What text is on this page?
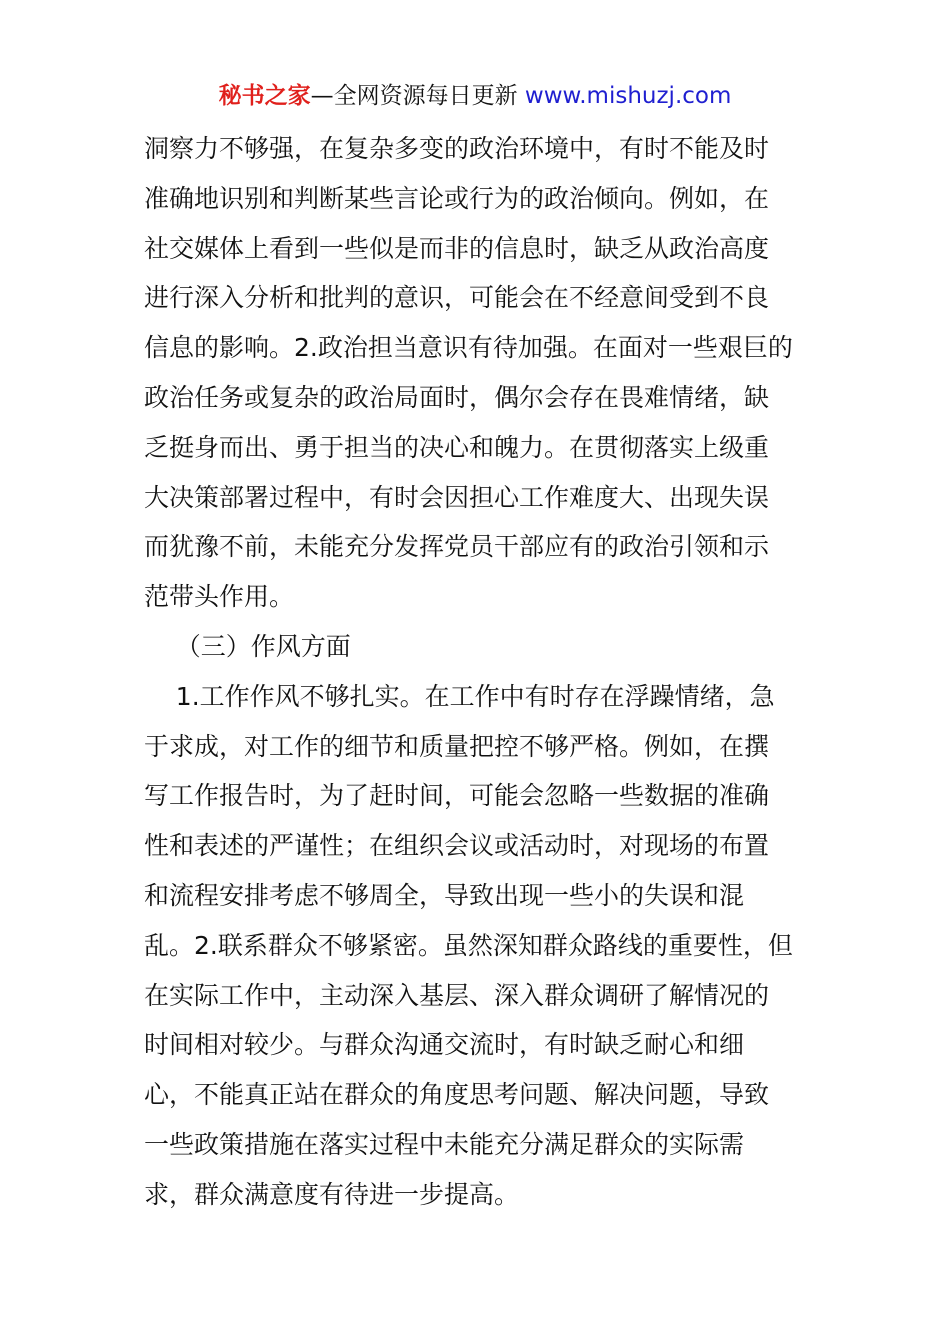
秘书之家—全网资源每日更新 www.mishuzj.com
洞察力不够强，在复杂多变的政治环境中，有时不能及时
准确地识别和判断某些言论或行为的政治倾向。例如，在
社交媒体上看到一些似是而非的信息时，缺乏从政治高度
进行深入分析和批判的意识，可能会在不经意间受到不良
信息的影响。2.政治担当意识有待加强。在面对一些艰巨的
政治任务或复杂的政治局面时，偶尔会存在畏难情绪，缺
乏挺身而出、勇于担当的决心和魄力。在贯彻落实上级重
大决策部署过程中，有时会因担心工作难度大、出现失误
而犹豫不前，未能充分发挥党员干部应有的政治引领和示
范带头作用。
（三）作风方面
1.工作作风不够扎实。在工作中有时存在浮躁情绪，急
于求成，对工作的细节和质量把控不够严格。例如，在撰
写工作报告时，为了赶时间，可能会忽略一些数据的准确
性和表述的严谨性；在组织会议或活动时，对现场的布置
和流程安排考虑不够周全，导致出现一些小的失误和混
乱。2.联系群众不够紧密。虽然深知群众路线的重要性，但
在实际工作中，主动深入基层、深入群众调研了解情况的
时间相对较少。与群众沟通交流时，有时缺乏耐心和细
心，不能真正站在群众的角度思考问题、解决问题，导致
一些政策措施在落实过程中未能充分满足群众的实际需
求，群众满意度有待进一步提高。
